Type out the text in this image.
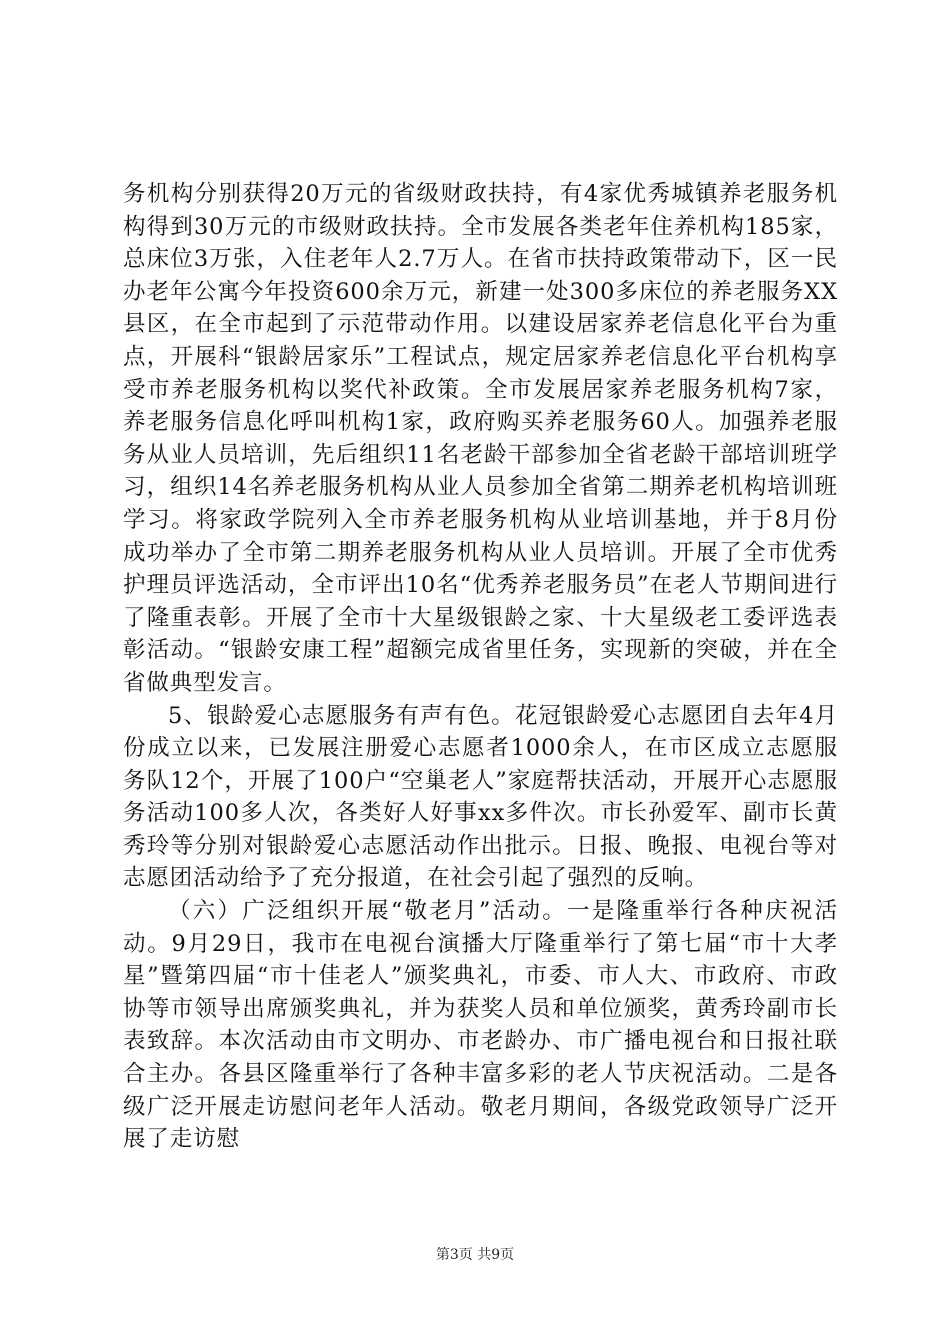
务机构分别获得20万元的省级财政扶持，有4家优秀城镇养老服务机构得到30万元的市级财政扶持。全市发展各类老年住养机构185家，总床位3万张，入住老年人2.7万人。在省市扶持政策带动下，区一民办老年公寓今年投资600余万元，新建一处300多床位的养老服务XX县区，在全市起到了示范带动作用。以建设居家养老信息化平台为重点，开展科“银龄居家乐”工程试点，规定居家养老信息化平台机构享受市养老服务机构以奖代补政策。全市发展居家养老服务机构7家，养老服务信息化呼叫机构1家，政府购买养老服务60人。加强养老服务从业人员培训，先后组织11名老龄干部参加全省老龄干部培训班学习，组织14名养老服务机构从业人员参加全省第二期养老机构培训班学习。将家政学院列入全市养老服务机构从业培训基地，并于8月份成功举办了全市第二期养老服务机构从业人员培训。开展了全市优秀护理员评选活动，全市评出10名“优秀养老服务员”在老人节期间进行了隆重表彰。开展了全市十大星级银龄之家、十大星级老工委评选表彰活动。“银龄安康工程”超额完成省里任务，实现新的突破，并在全省做典型发言。

5、银龄爱心志愿服务有声有色。花冠银龄爱心志愿团自去年4月份成立以来，已发展注册爱心志愿者1000余人，在市区成立志愿服务队12个，开展了100户“空巢老人”家庭帮扶活动，开展开心志愿服务活动100多人次，各类好人好事xx多件次。市长孙爱军、副市长黄秀玲等分别对银龄爱心志愿活动作出批示。日报、晚报、电视台等对志愿团活动给予了充分报道，在社会引起了强烈的反响。

（六）广泛组织开展“敬老月”活动。一是隆重举行各种庆祝活动。9月29日，我市在电视台演播大厅隆重举行了第七届“市十大孝星”暨第四届“市十佳老人”颁奖典礼，市委、市人大、市政府、市政协等市领导出席颁奖典礼，并为获奖人员和单位颁奖，黄秀玲副市长表致辞。本次活动由市文明办、市老龄办、市广播电视台和日报社联合主办。各县区隆重举行了各种丰富多彩的老人节庆祝活动。二是各级广泛开展走访慰问老年人活动。敬老月期间，各级党政领导广泛开展了走访慰

第3页 共9页
